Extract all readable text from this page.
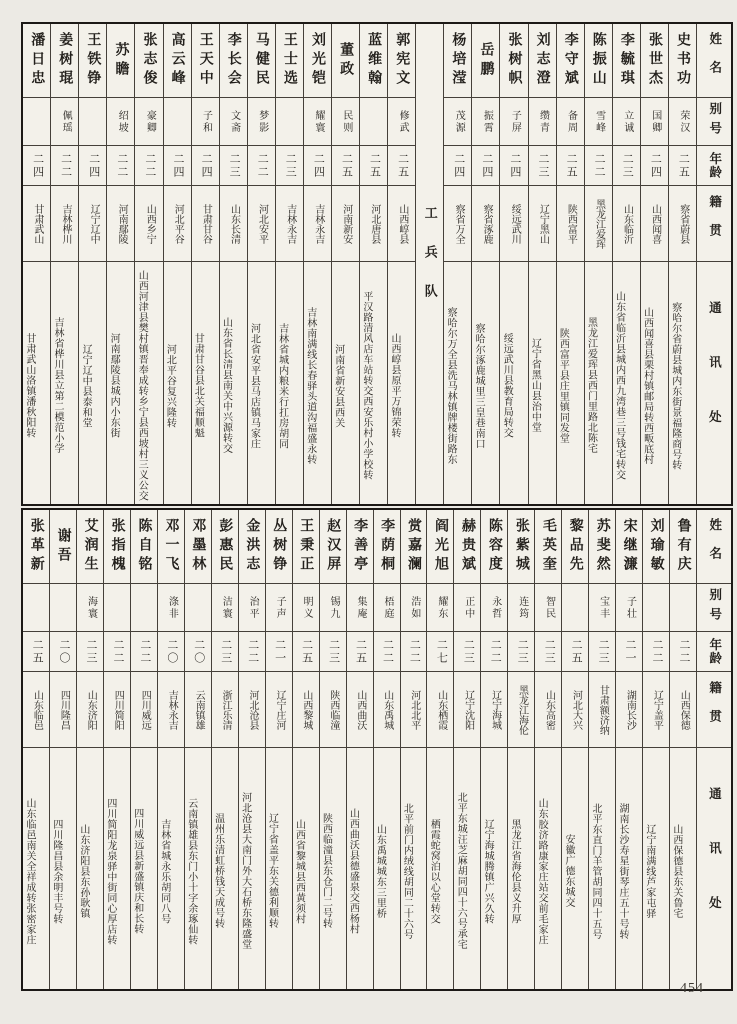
姓名
别号
年龄
籍贯
通讯处
史书功
荣汉
二五
察省蔚县
察哈尔省蔚县城内东街景福隆商号转
张世杰
国卿
二四
山西闻喜
山西闻喜县栗村镇邮局转西畈底村
李毓琪
立诚
二三
山东临沂
山东省临沂县城内西九湾巷三号钱宅转交
陈振山
雪峰
二二
黑龙江爱珲
黑龙江爱珲县西门里路北陈宅
李守斌
备周
二五
陕西富平
陕西富平县庄里镇同发堂
刘志澄
缵青
二三
辽宁黑山
辽宁省黑山县治中堂
张树帜
子屏
二四
绥远武川
绥远武川县教育局转交
岳鹏
振霄
二四
察省涿鹿
察哈尔涿鹿城里三皇巷南口
杨培滢
茂源
二四
察省万全
察哈尔万全县洗马林镇牌楼街路东
工兵队
郭宪文
修武
二五
山西崞县
山西崞县原平万锦荣转
蓝维翰
二五
河北唐县
平汉路清风店车站转交西安乐村小学校转
董政
民则
二五
河南新安
河南省新安县西关
刘光铠
耀寰
二四
吉林永吉
吉林南满线长春驿头道沟福盛永转
王士选
二三
吉林永吉
吉林省城内粮米行扛房胡同
马健民
梦影
二二
河北安平
河北省安平县马店镇马家庄
李长会
文斋
二三
山东长清
山东省长清县南关中兴源转交
王天中
子和
二四
甘肃甘谷
甘肃甘谷县北关福顺魁
高云峰
二四
河北平谷
河北平谷复兴隆转
张志俊
豪卿
二二
山西乡宁
山西河津县樊村镇晋奉成转乡宁县西坡村三义公交
苏瞻
绍坡
二二
河南鄢陵
河南鄢陵县城内小东街
王铁铮
二四
辽宁辽中
辽宁辽中县泰和堂
姜树琨
佩瑶
二二
吉林桦川
吉林省桦川县立第二模范小学
潘日忠
二四
甘肃武山
甘肃武山洛镇潘秋阳转
姓名
别号
年龄
籍贯
通讯处
鲁有庆
二二
山西保德
山西保德县东关鲁宅
刘瑜敏
二二
辽宁盖平
辽宁南满线芦家屯驿
宋继濂
子壮
二一
湖南长沙
湖南长沙寿星街琴庄五十号转
苏斐然
宝丰
二三
甘肃额济纳
北平东直门羊管胡同四十五号
黎品先
二五
河北大兴
安徽广德东城交
毛英奎
智民
二三
山东高密
山东胶济路康家庄站交前毛家庄
张紫城
连筠
二三
黑龙江海伦
黑龙江省海伦县义升厚
陈容度
永哲
二二
辽宁海城
辽宁海城腾镇广兴久转
赫贵斌
正中
二三
辽宁沈阳
北平东城汪芝麻胡同四十六号承宅
阎光旭
耀东
二七
山东栖霞
栖霞蛇窝泊以心堂转交
赏嘉澜
浩如
二二
河北北平
北平前门内绒线胡同二十六号
李荫桐
梧庭
二二
山东禹城
山东禹城城东三里桥
李善亭
集庵
二五
山西曲沃
山西曲沃县德盛泉交西杨村
赵汉屏
锡九
二三
陕西临潼
陕西临潼县东仓门二号转
王秉正
明义
二五
山西黎城
山西省黎城县西黄须村
丛树铮
子声
二一
辽宁庄河
辽宁省盖平东关德利顺转
金洪志
治平
二二
河北沧县
河北沧县大南门外大石桥东隆盛堂
彭惠民
洁寰
二三
浙江乐清
温州乐清虹桥钱天成号转
邓墨林
二〇
云南镇雄
云南镇雄县东门小十字余琢仙转
邓一飞
涤非
二〇
吉林永吉
吉林省城永乐胡同八号
陈自铭
二二
四川威远
四川威远县新盛镇庆和长转
张指槐
二二
四川简阳
四川简阳龙泉驿中街同心厚店转
艾润生
海寰
二三
山东济阳
山东济阳县东孙耿镇
谢吾
二〇
四川隆昌
四川隆昌县余明丰号转
张革新
二五
山东临邑
山东临邑南关全祥成转张密家庄
454
